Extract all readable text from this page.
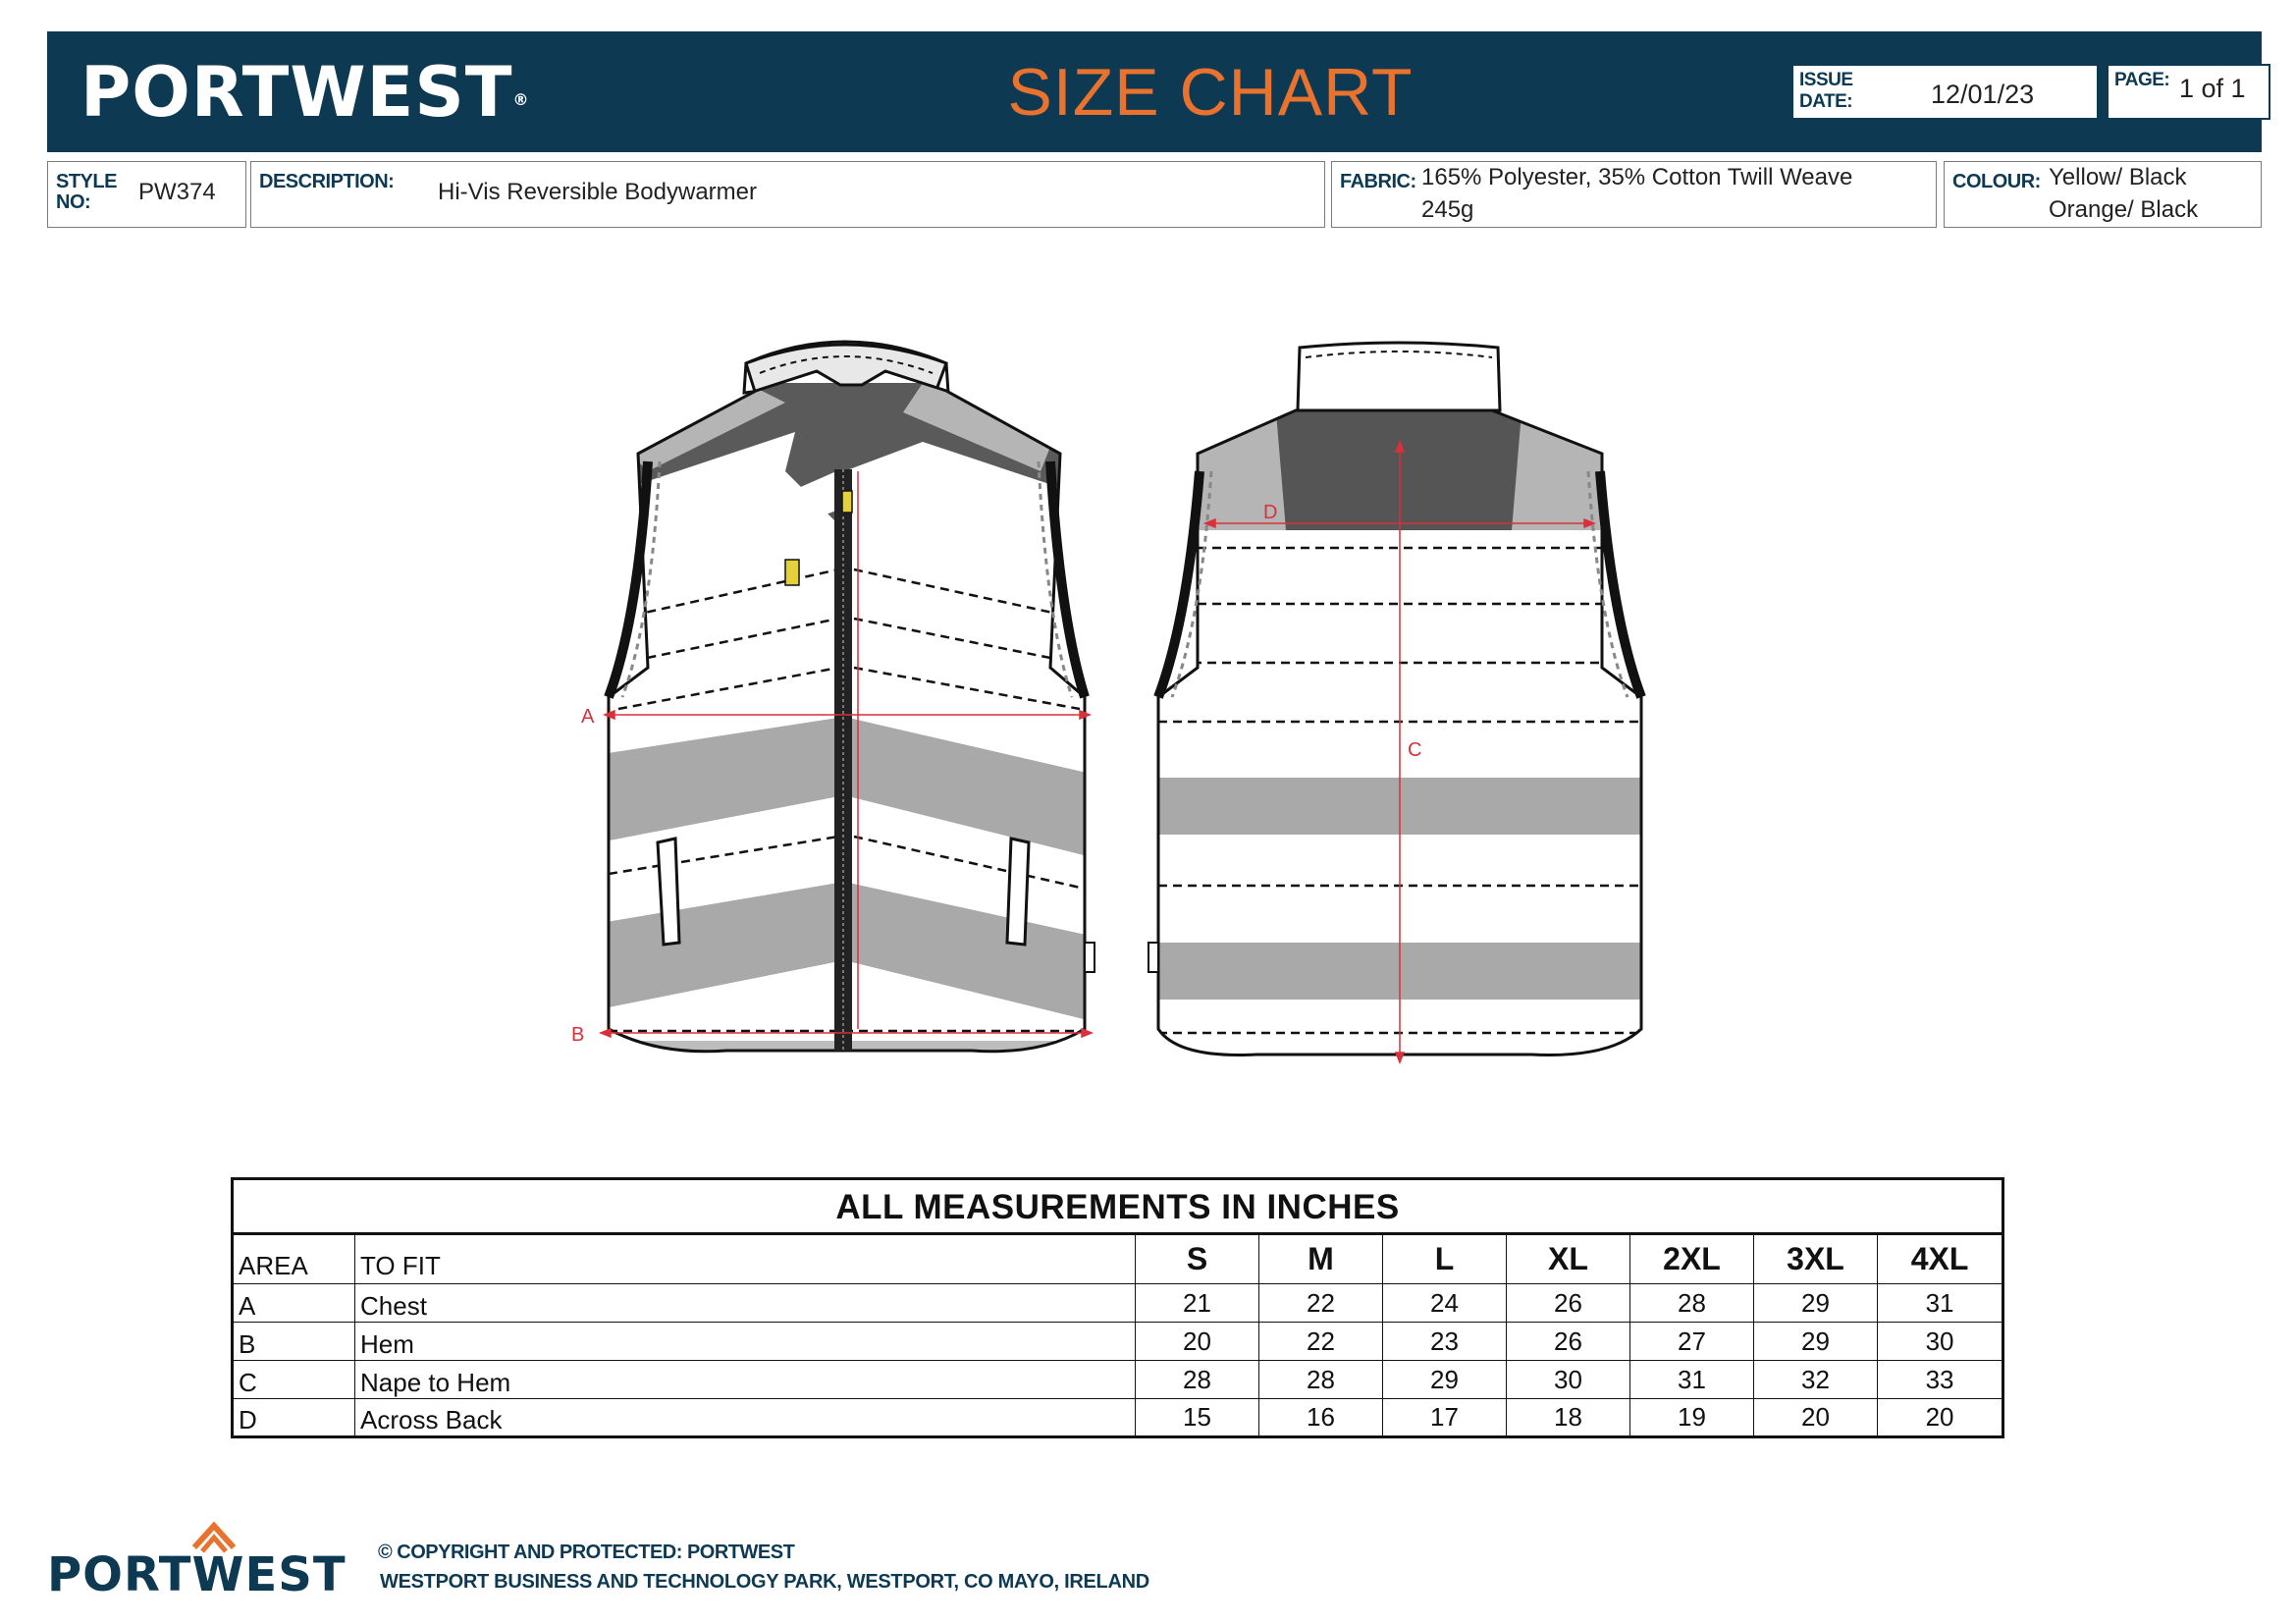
PORTWEST®	SIZE CHART	ISSUE
DATE:	12/01/23	PAGE: 1 of 1
STYLE
NO:	PW374 DESCRIPTION: Hi-Vis Reversible Bodywarmer	FABRIC: 165% Polyester, 35% Cotton Twill Weave
245g
COLOUR: Yellow/ Black
Orange/ Black
A
B
D
C
ALL MEASUREMENTS IN INCHES								
AREA	TO FIT	S	M	L	XL	2XL	3XL	4XL
A	Chest	21	22	24	26	28	29	31
B	Hem	20	22	23	26	27	29	30
C	Nape to Hem	28	28	29	30	31	32	33
D	Across Back	15	16	17	18	19	20	20
PORTWEST © COPYRIGHT AND PROTECTED: PORTWEST
WESTPORT BUSINESS AND TECHNOLOGY PARK, WESTPORT, CO MAYO, IRELAND
